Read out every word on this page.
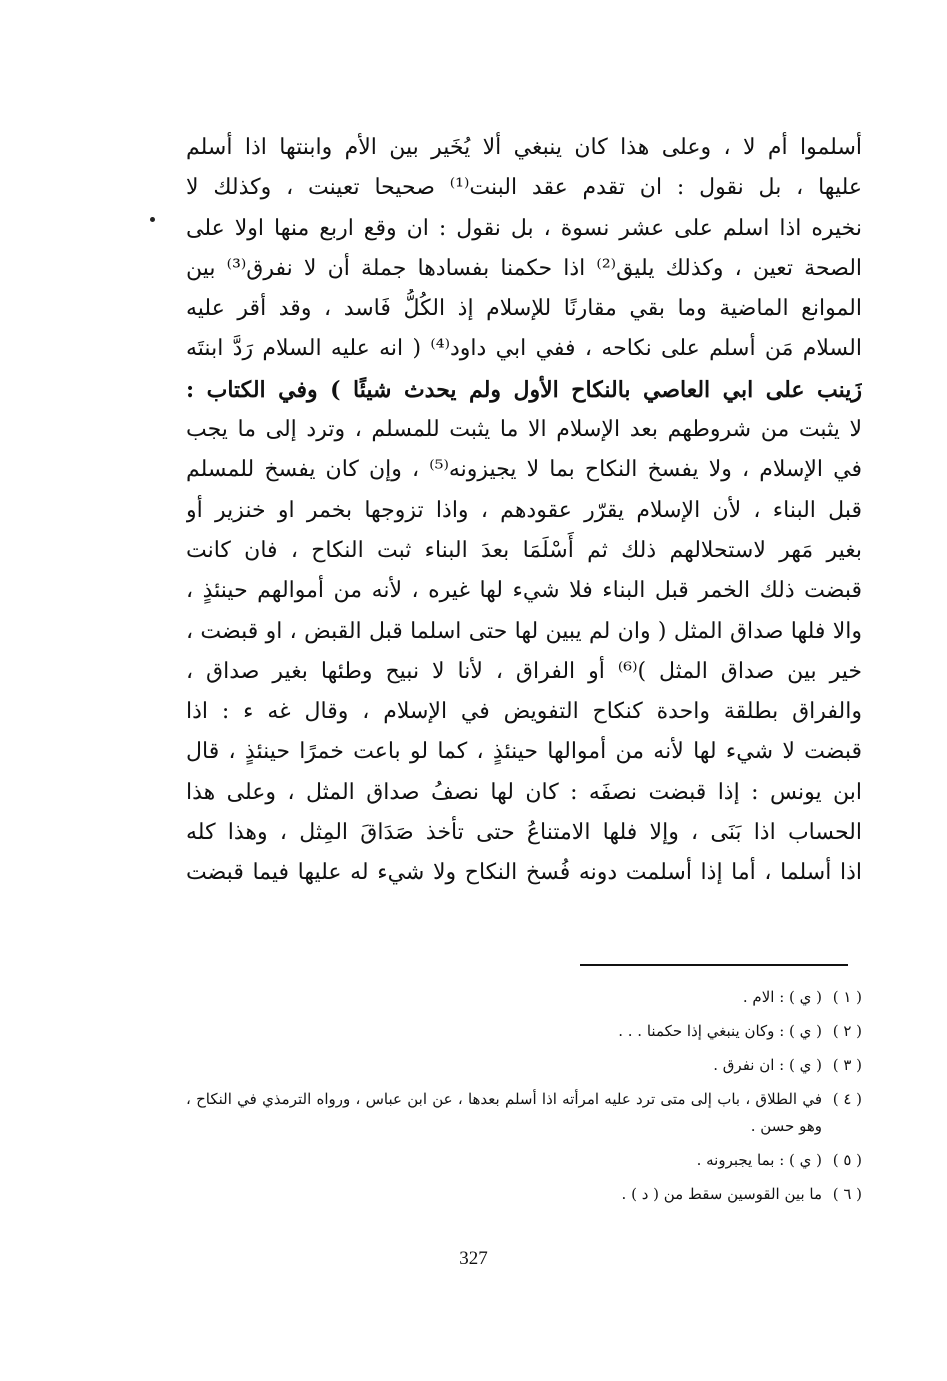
أسلموا أم لا ، وعلى هذا كان ينبغي ألا يُخَير بين الأم وابنتها اذا أسلم
عليها ، بل نقول : ان تقدم عقد البنت⁽¹⁾ صحيحا تعينت ، وكذلك لا
نخيره اذا اسلم على عشر نسوة ، بل نقول : ان وقع اربع منها اولا على
الصحة تعين ، وكذلك يليق⁽²⁾ اذا حكمنا بفسادها جملة أن لا نفرق⁽³⁾ بين
الموانع الماضية وما بقي مقارنًا للإسلام إذ الكُلُّ فَاسد ، وقد أقر عليه
السلام مَن أسلم على نكاحه ، ففي ابي داود⁽⁴⁾ ( انه عليه السلام رَدَّ ابنتَه
زَينب على ابي العاصي بالنكاح الأول ولم يحدث شيئًا ) وفي الكتاب :
لا يثبت من شروطهم بعد الإسلام الا ما يثبت للمسلم ، وترد إلى ما يجب
في الإسلام ، ولا يفسخ النكاح بما لا يجيزونه⁽⁵⁾ ، وإن كان يفسخ للمسلم
قبل البناء ، لأن الإسلام يقرّر عقودهم ، واذا تزوجها بخمر او خنزير أو
بغير مَهر لاستحلالهم ذلك ثم أَسْلَمَا بعدَ البناء ثبت النكاح ، فان كانت
قبضت ذلك الخمر قبل البناء فلا شيء لها غيره ، لأنه من أموالهم حينئذٍ ،
والا فلها صداق المثل ( وان لم يبين لها حتى اسلما قبل القبض ، او قبضت ،
خير بين صداق المثل )⁽⁶⁾ أو الفراق ، لأنا لا نبيح وطئها بغير صداق ،
والفراق بطلقة واحدة كنكاح التفويض في الإسلام ، وقال غه ء : اذا
قبضت لا شيء لها لأنه من أموالها حينئذٍ ، كما لو باعت خمرًا حينئذٍ ، قال
ابن يونس : إذا قبضت نصفَه : كان لها نصفُ صداق المثل ، وعلى هذا
الحساب اذا بَنَى ، وإلا فلها الامتناعُ حتى تأخذ صَدَاقَ المِثل ، وهذا كله
اذا أسلما ، أما إذا أسلمت دونه فُسخ النكاح ولا شيء له عليها فيما قبضت
( ١ )
( ي ) : الام .
( ٢ )
( ي ) : وكان ينبغي إذا حكمنا . . .
( ٣ )
( ي ) : ان نفرق .
( ٤ )
في الطلاق ، باب إلى متى ترد عليه امرأته اذا أسلم بعدها ، عن ابن عباس ، ورواه الترمذي في النكاح ، وهو حسن .
( ٥ )
( ي ) : بما يجبرونه .
( ٦ )
ما بين القوسين سقط من ( د ) .
327
